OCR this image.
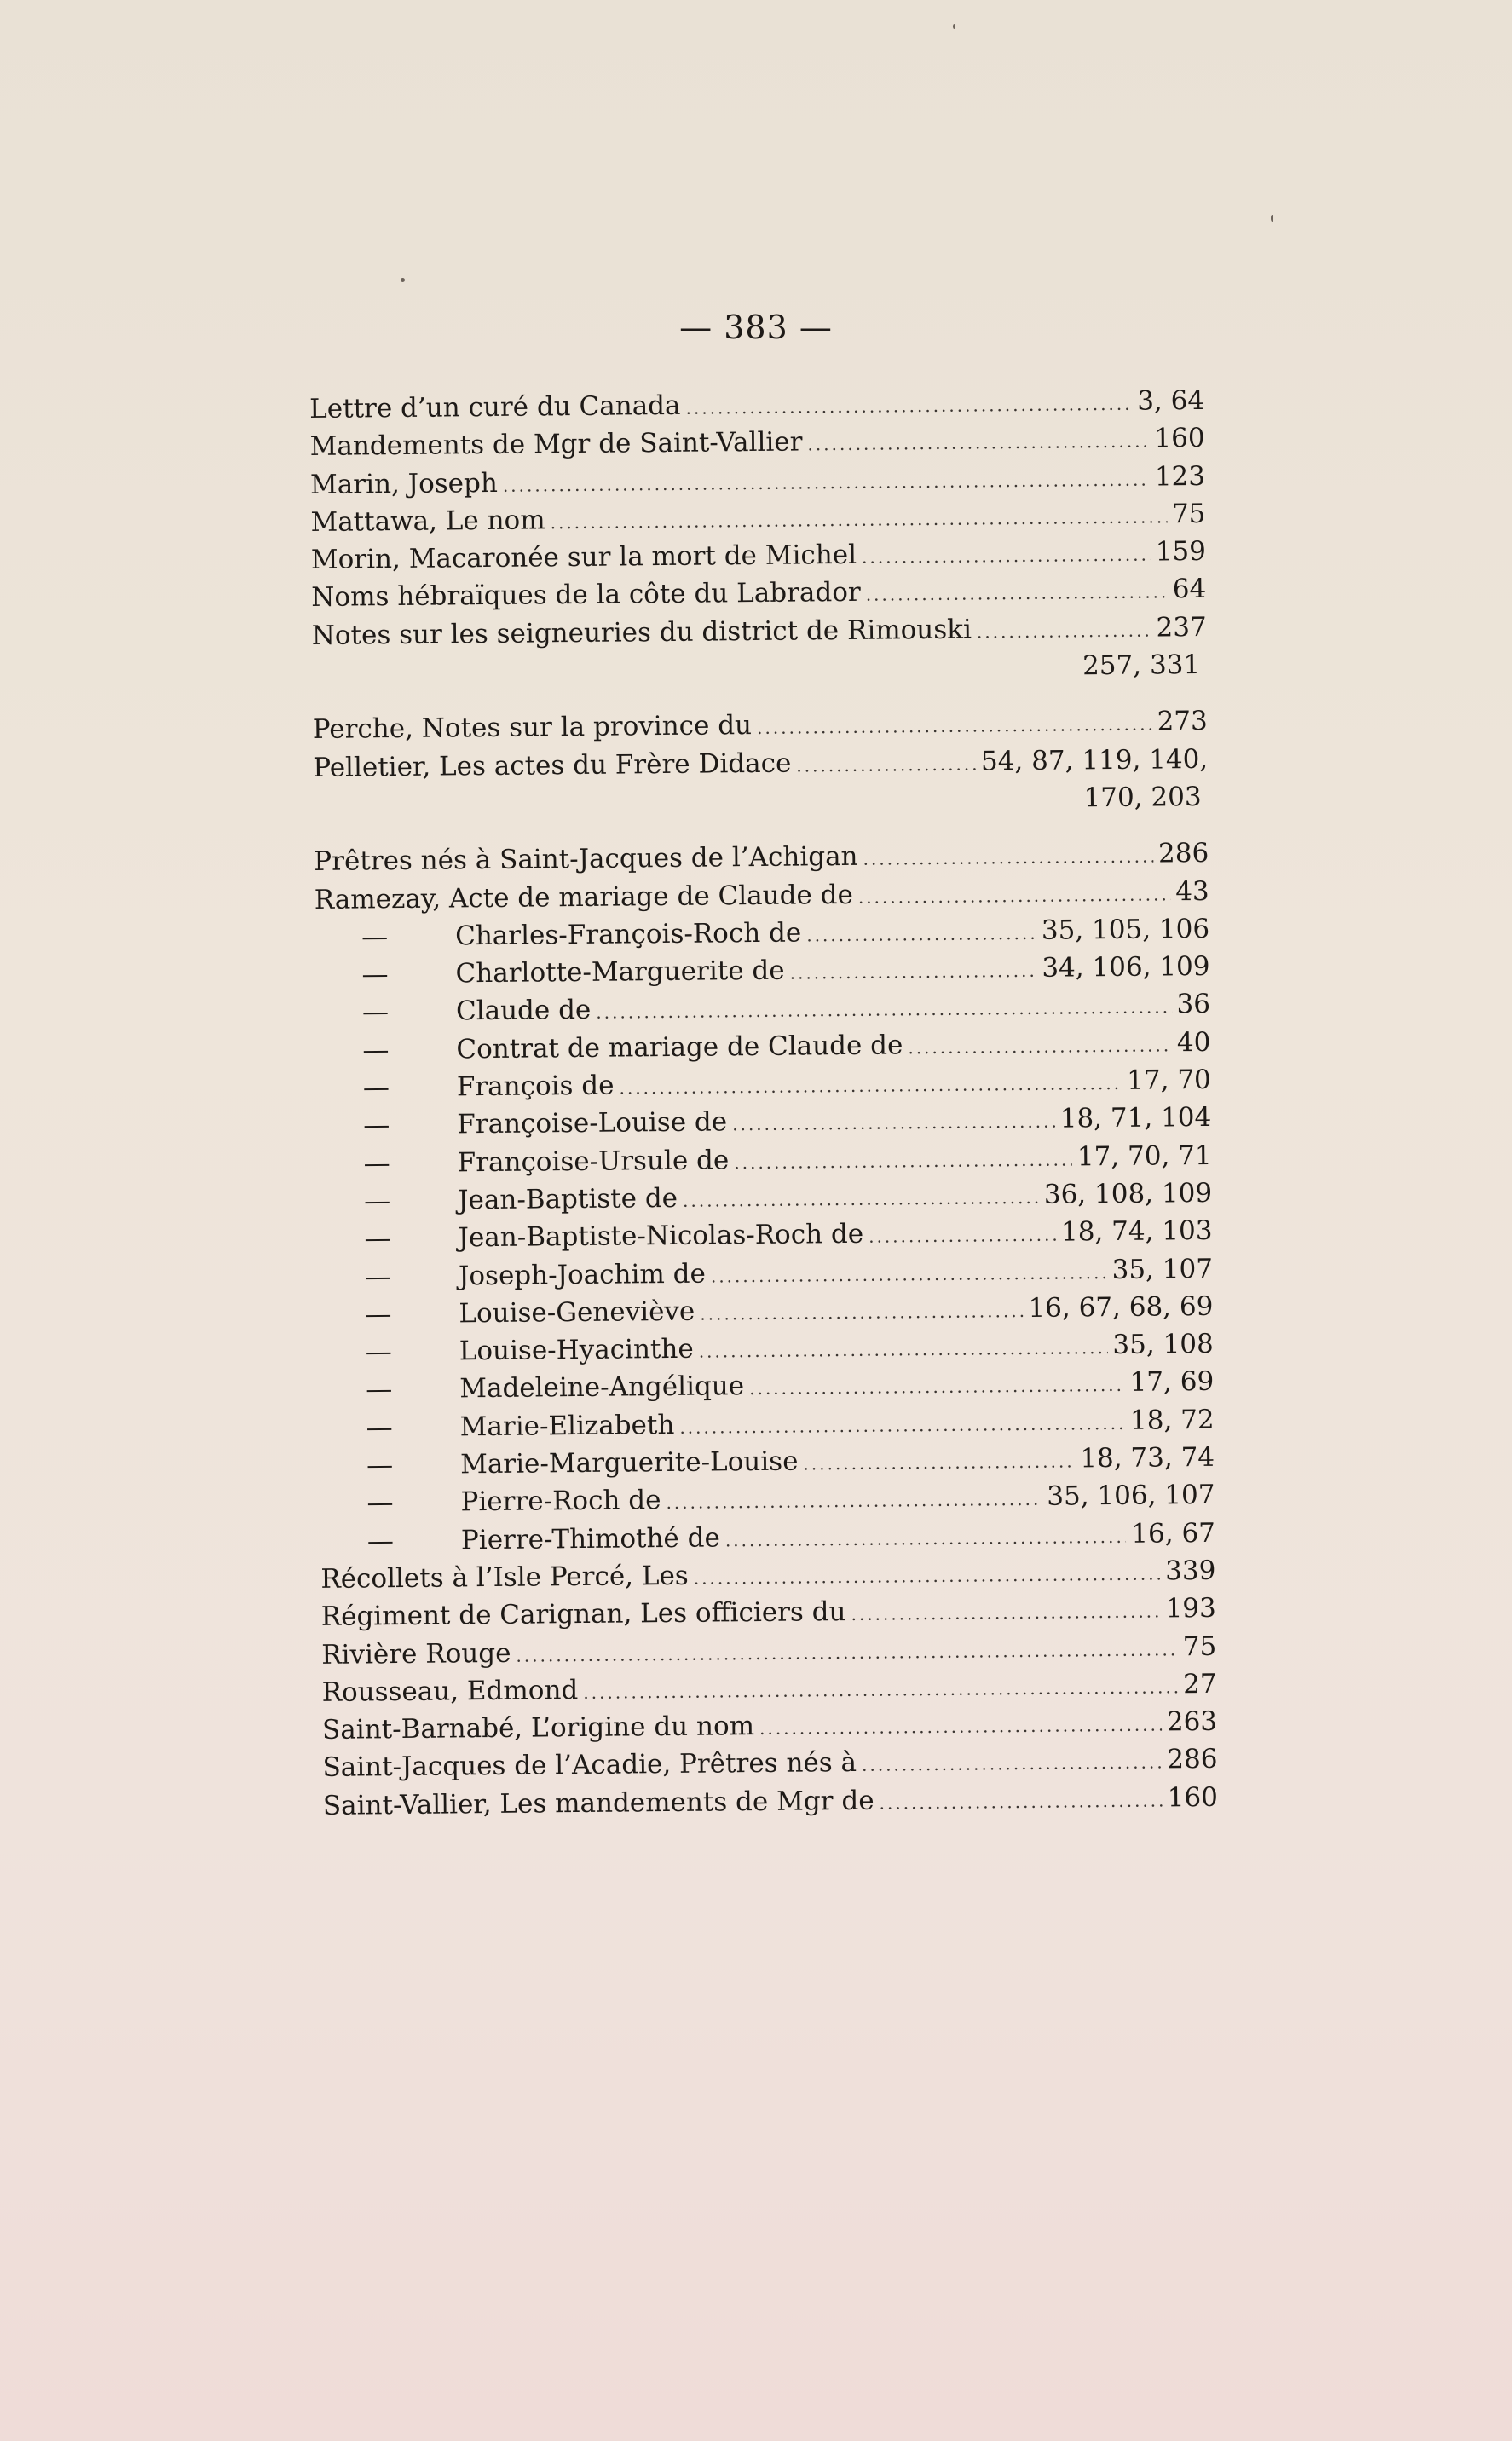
— 383 —
Lettre d’un curé du Canada .....	3, 64
Mandements de Mgr de Saint-Vallier .....	160
Marin, Joseph .....	123
Mattawa, Le nom .....	75
Morin, Macaronée sur la mort de Michel .....	159
Noms hébraïques de la côte du Labrador .....	64
Notes sur les seigneuries du district de Rimouski .....	237
257, 331
Perche, Notes sur la province du .....	273
Pelletier, Les actes du Frère Didace .....	54, 87, 119, 140,
170, 203
Prêtres nés à Saint-Jacques de l’Achigan .....	286
Ramezay, Acte de mariage de Claude de .....	43
—	Charles-François-Roch de .....	35, 105, 106
—	Charlotte-Marguerite de .....	34, 106, 109
—	Claude de .....	36
—	Contrat de mariage de Claude de .....	40
—	François de .....	17, 70
—	Françoise-Louise de .....	18, 71, 104
—	Françoise-Ursule de .....	17, 70, 71
—	Jean-Baptiste de .....	36, 108, 109
—	Jean-Baptiste-Nicolas-Roch de .....	18, 74, 103
—	Joseph-Joachim de .....	35, 107
—	Louise-Geneviève .....	16, 67, 68, 69
—	Louise-Hyacinthe .....	35, 108
—	Madeleine-Angélique .....	17, 69
—	Marie-Elizabeth .....	18, 72
—	Marie-Marguerite-Louise .....	18, 73, 74
—	Pierre-Roch de .....	35, 106, 107
—	Pierre-Thimothé de .....	16, 67
Récollets à l’Isle Percé, Les .....	339
Régiment de Carignan, Les officiers du .....	193
Rivière Rouge .....	75
Rousseau, Edmond .....	27
Saint-Barnabé, L’origine du nom .....	263
Saint-Jacques de l’Acadie, Prêtres nés à .....	286
Saint-Vallier, Les mandements de Mgr de .....	160
